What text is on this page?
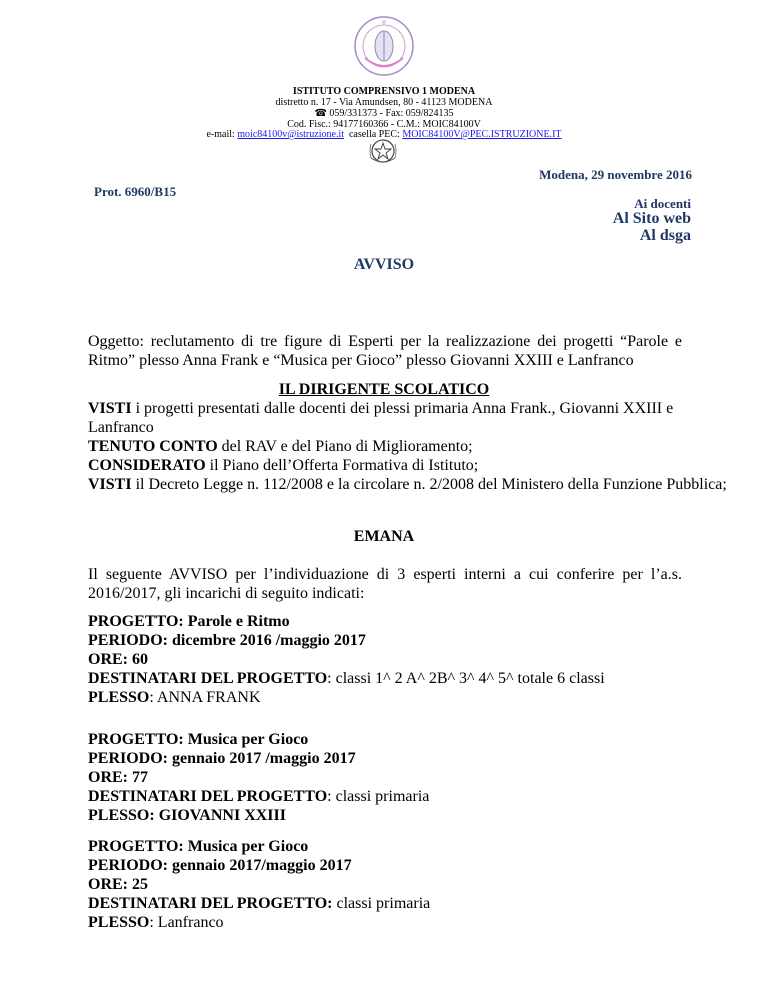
ISTITUTO COMPRENSIVO 1 MODENA
distretto n. 17 - Via Amundsen, 80 - 41123 MODENA
☎ 059/331373 - Fax: 059/824135
Cod. Fisc.: 94177160366 - C.M.: MOIC84100V
e-mail: moic84100v@istruzione.it casella PEC: MOIC84100V@PEC.ISTRUZIONE.IT
Modena, 29 novembre 2016
Prot. 6960/B15
Ai docenti
Al Sito web
Al dsga
AVVISO
Oggetto: reclutamento di tre figure di Esperti per la realizzazione dei progetti “Parole e Ritmo” plesso Anna Frank e “Musica per Gioco” plesso Giovanni XXIII e Lanfranco
IL DIRIGENTE SCOLATICO
VISTI i progetti presentati dalle docenti dei plessi primaria Anna Frank., Giovanni XXIII e Lanfranco
TENUTO CONTO del RAV e del Piano di Miglioramento;
CONSIDERATO il Piano dell’Offerta Formativa di Istituto;
VISTI il Decreto Legge n. 112/2008 e la circolare n. 2/2008 del Ministero della Funzione Pubblica;
EMANA
Il seguente AVVISO per l’individuazione di 3 esperti interni a cui conferire per l’a.s. 2016/2017, gli incarichi di seguito indicati:
PROGETTO: Parole e Ritmo
PERIODO: dicembre 2016 /maggio 2017
ORE: 60
DESTINATARI DEL PROGETTO: classi 1^ 2 A^ 2B^ 3^ 4^ 5^ totale 6 classi
PLESSO: ANNA FRANK
PROGETTO: Musica per Gioco
PERIODO: gennaio 2017 /maggio 2017
ORE: 77
DESTINATARI DEL PROGETTO: classi primaria
PLESSO: GIOVANNI XXIII
PROGETTO: Musica per Gioco
PERIODO: gennaio 2017/maggio 2017
ORE: 25
DESTINATARI DEL PROGETTO: classi primaria
PLESSO: Lanfranco
